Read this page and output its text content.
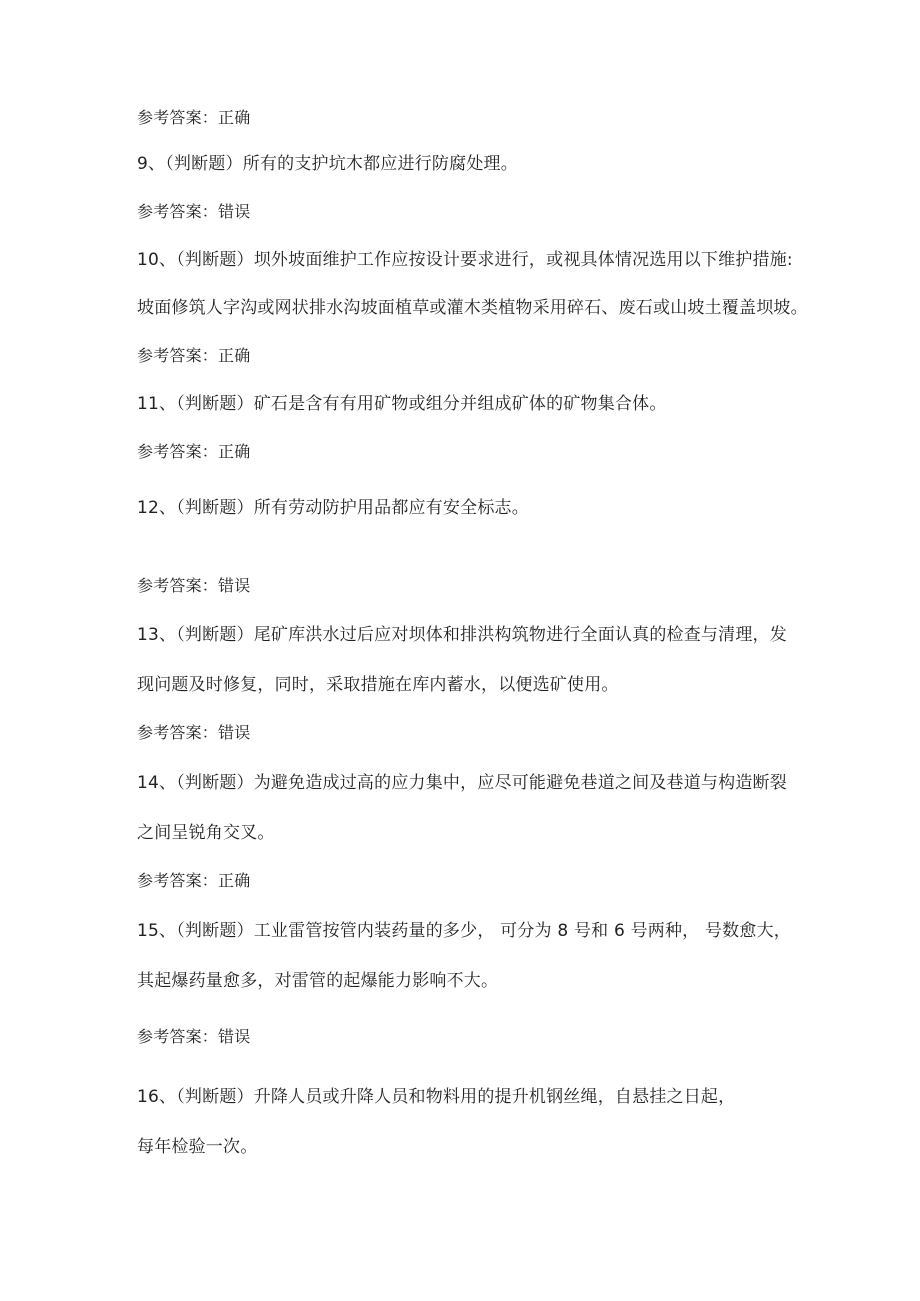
参考答案：正确
9、（判断题）所有的支护坑木都应进行防腐处理。
参考答案：错误
10、（判断题）坝外坡面维护工作应按设计要求进行，或视具体情况选用以下维护措施:
坡面修筑人字沟或网状排水沟坡面植草或灌木类植物采用碎石、废石或山坡土覆盖坝坡。
参考答案：正确
11、（判断题）矿石是含有有用矿物或组分并组成矿体的矿物集合体。
参考答案：正确
12、（判断题）所有劳动防护用品都应有安全标志。
参考答案：错误
13、（判断题）尾矿库洪水过后应对坝体和排洪构筑物进行全面认真的检查与清理，发
现问题及时修复，同时，采取措施在库内蓄水，以便选矿使用。
参考答案：错误
14、（判断题）为避免造成过高的应力集中，应尽可能避免巷道之间及巷道与构造断裂
之间呈锐角交叉。
参考答案：正确
15、（判断题）工业雷管按管内装药量的多少， 可分为 8 号和 6 号两种， 号数愈大，
其起爆药量愈多，对雷管的起爆能力影响不大。
参考答案：错误
16、（判断题）升降人员或升降人员和物料用的提升机钢丝绳，自悬挂之日起，
每年检验一次。
